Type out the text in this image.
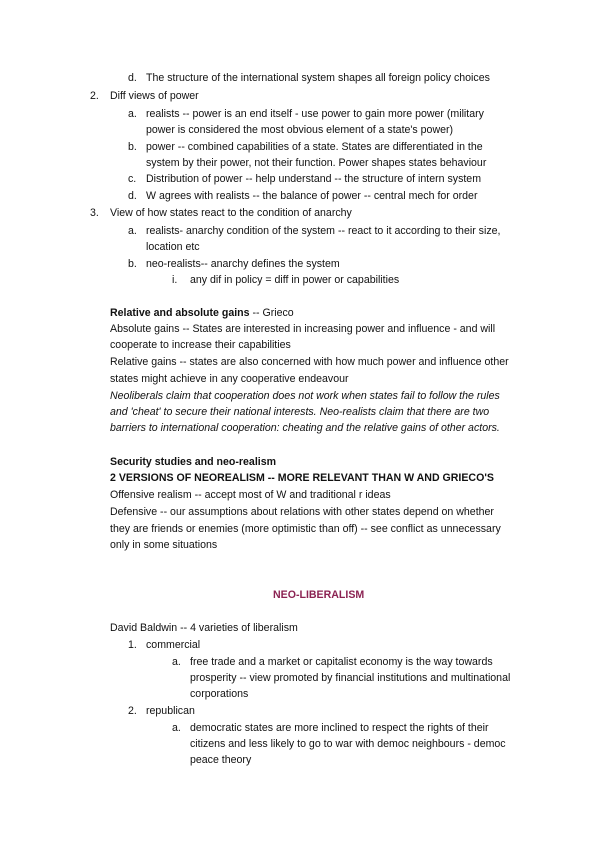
d. The structure of the international system shapes all foreign policy choices
2. Diff views of power
a. realists -- power is an end itself - use power to gain more power (military
power is considered the most obvious element of a state's power)
b. power -- combined capabilities of a state. States are differentiated in the
system by their power, not their function. Power shapes states behaviour
c. Distribution of power -- help understand -- the structure of intern system
d. W agrees with realists -- the balance of power -- central mech for order
3. View of how states react to the condition of anarchy
a. realists- anarchy condition of the system -- react to it according to their size,
location etc
b. neo-realists-- anarchy defines the system
i. any dif in policy = diff in power or capabilities
Relative and absolute gains -- Grieco
Absolute gains -- States are interested in increasing power and influence - and will
cooperate to increase their capabilities
Relative gains -- states are also concerned with how much power and influence other
states might achieve in any cooperative endeavour
Neoliberals claim that cooperation does not work when states fail to follow the rules
and 'cheat' to secure their national interests. Neo-realists claim that there are two
barriers to international cooperation: cheating and the relative gains of other actors.
Security studies and neo-realism
2 VERSIONS OF NEOREALISM -- MORE RELEVANT THAN W AND GRIECO'S
Offensive realism -- accept most of W and traditional r ideas
Defensive -- our assumptions about relations with other states depend on whether
they are friends or enemies (more optimistic than off) -- see conflict as unnecessary
only in some situations
NEO-LIBERALISM
David Baldwin -- 4 varieties of liberalism
1. commercial
a. free trade and a market or capitalist economy is the way towards
prosperity -- view promoted by financial institutions and multinational
corporations
2. republican
a. democratic states are more inclined to respect the rights of their
citizens and less likely to go to war with democ neighbours - democ
peace theory
